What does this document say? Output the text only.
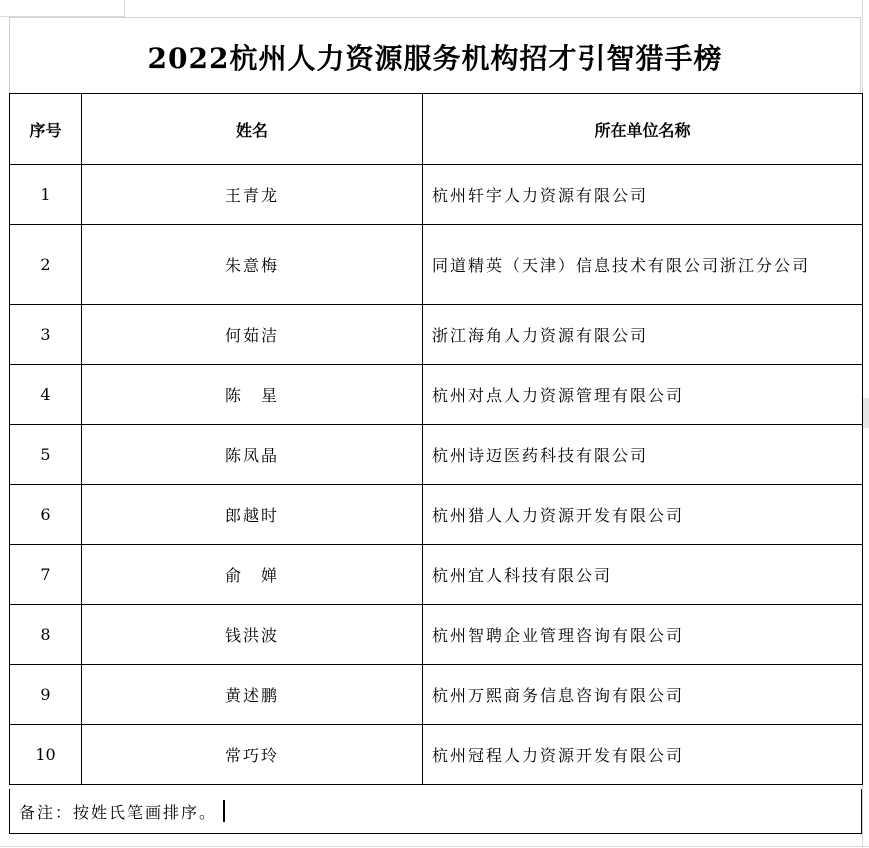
2022杭州人力资源服务机构招才引智猎手榜
序号	姓名	所在单位名称
1	王青龙	杭州轩宇人力资源有限公司
2	朱意梅	同道精英（天津）信息技术有限公司浙江分公司
3	何茹洁	浙江海角人力资源有限公司
4	陈　星	杭州对点人力资源管理有限公司
5	陈凤晶	杭州诗迈医药科技有限公司
6	郎越时	杭州猎人人力资源开发有限公司
7	俞　婵	杭州宜人科技有限公司
8	钱洪波	杭州智聘企业管理咨询有限公司
9	黄述鹏	杭州万熙商务信息咨询有限公司
10	常巧玲	杭州冠程人力资源开发有限公司
备注：按姓氏笔画排序。
